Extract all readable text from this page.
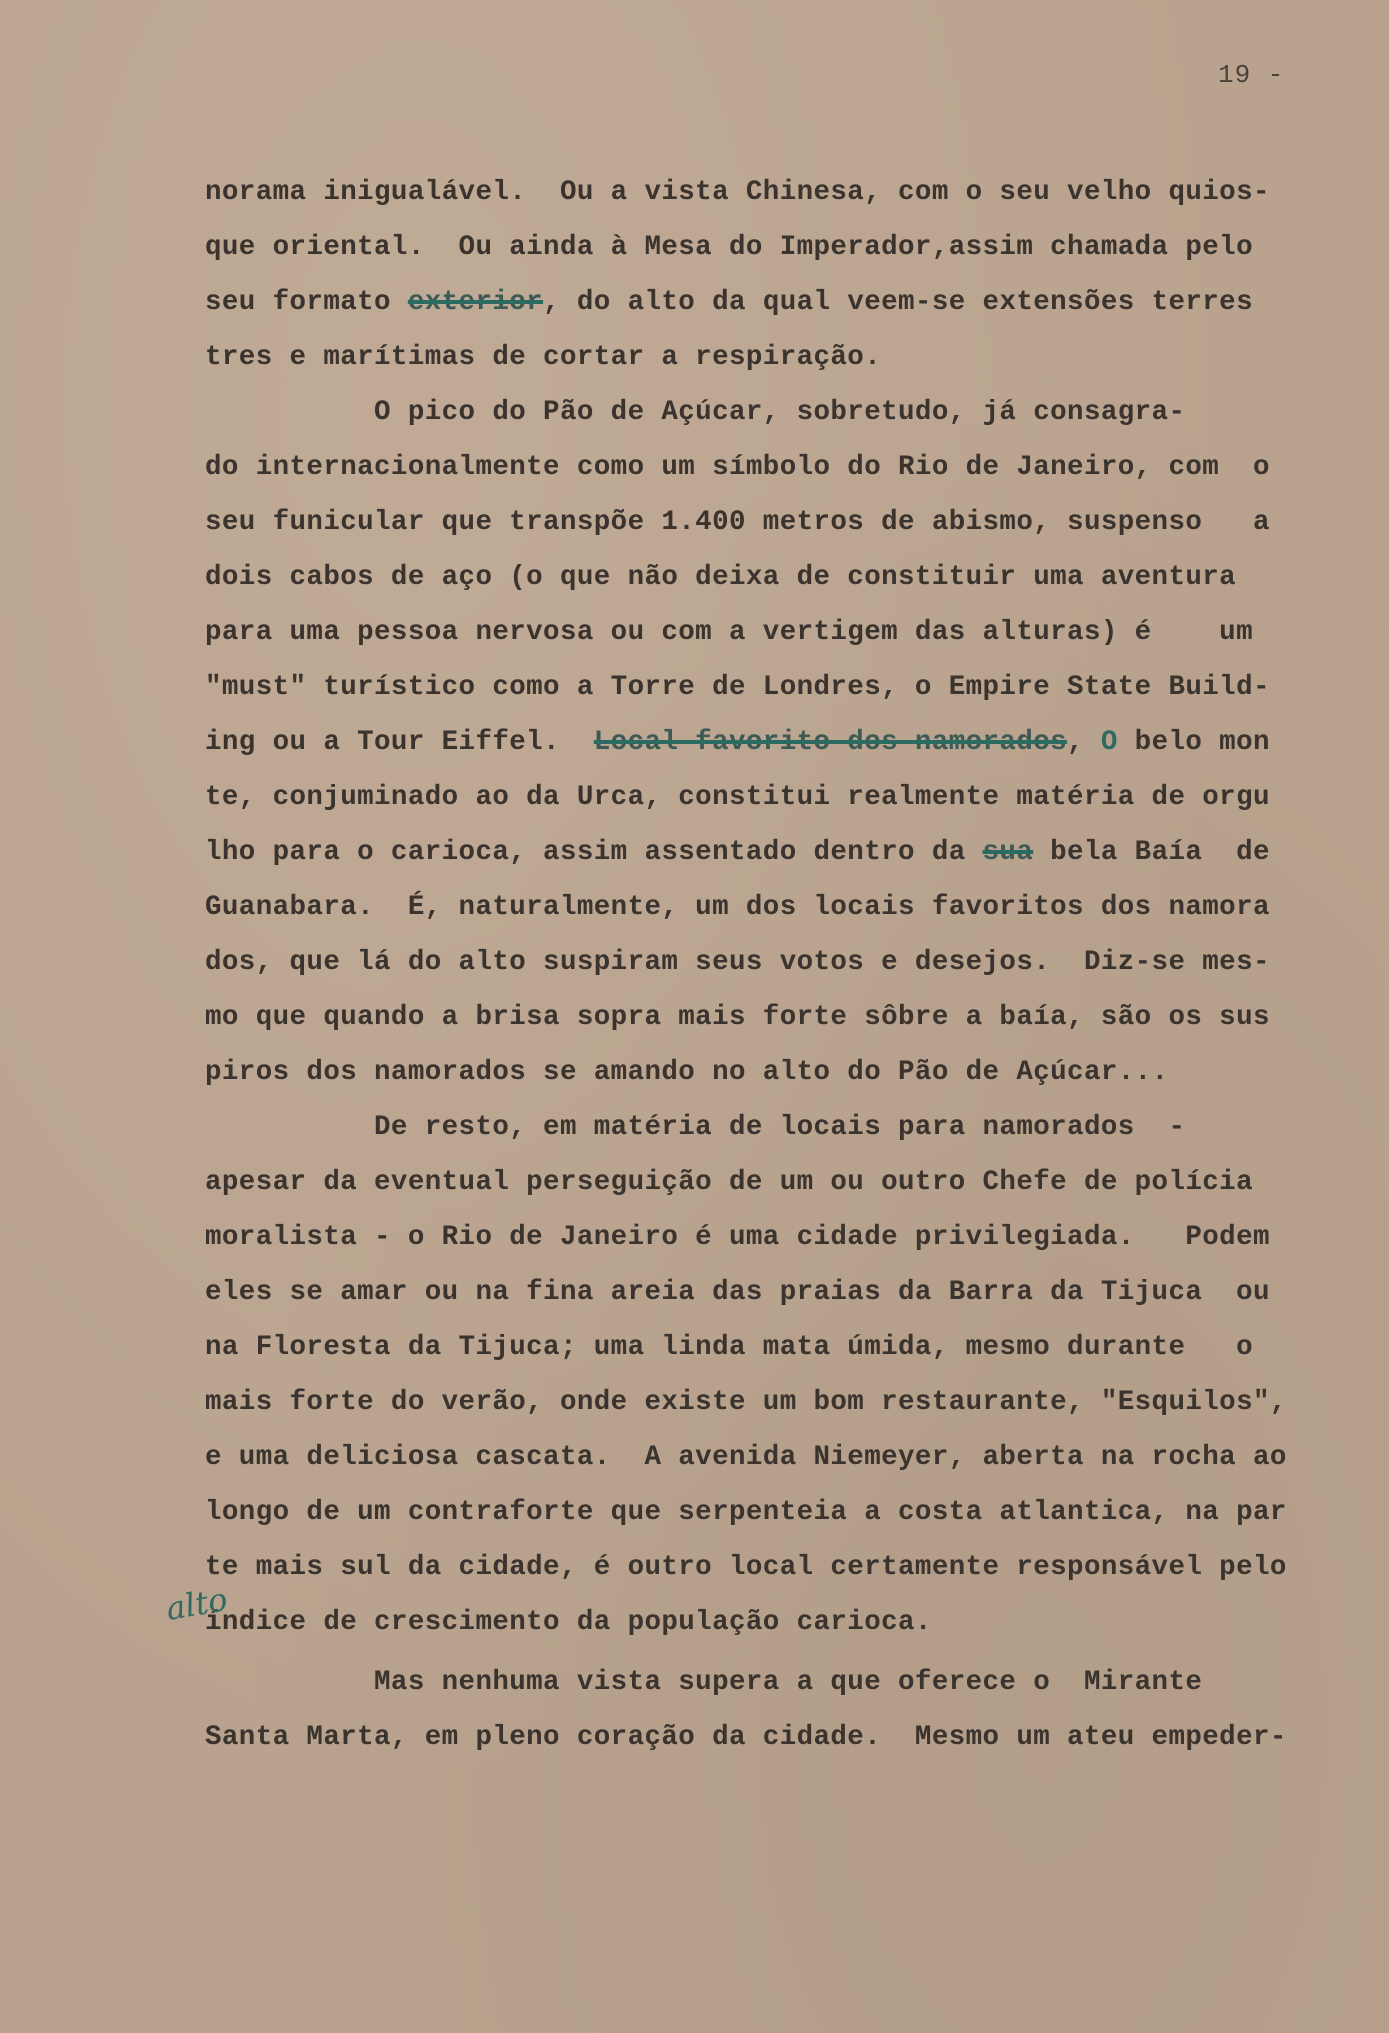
19 -
norama inigualável.  Ou a vista Chinesa, com o seu velho quios-
que oriental.  Ou ainda à Mesa do Imperador,assim chamada pelo
seu formato exterior, do alto da qual veem-se extensões terres
tres e marítimas de cortar a respiração.
O pico do Pão de Açúcar, sobretudo, já consagra-
do internacionalmente como um símbolo do Rio de Janeiro, com  o
seu funicular que transpõe 1.400 metros de abismo, suspenso   a
dois cabos de aço (o que não deixa de constituir uma aventura
para uma pessoa nervosa ou com a vertigem das alturas) é    um
"must" turístico como a Torre de Londres, o Empire State Build-
ing ou a Tour Eiffel.  Local favorito dos namorados, O belo mon
te, conjuminado ao da Urca, constitui realmente matéria de orgu
lho para o carioca, assim assentado dentro da sua bela Baía  de
Guanabara.  É, naturalmente, um dos locais favoritos dos namora
dos, que lá do alto suspiram seus votos e desejos.  Diz-se mes-
mo que quando a brisa sopra mais forte sôbre a baía, são os sus
piros dos namorados se amando no alto do Pão de Açúcar...
De resto, em matéria de locais para namorados  -
apesar da eventual perseguição de um ou outro Chefe de polícia
moralista - o Rio de Janeiro é uma cidade privilegiada.   Podem
eles se amar ou na fina areia das praias da Barra da Tijuca  ou
na Floresta da Tijuca; uma linda mata úmida, mesmo durante   o
mais forte do verão, onde existe um bom restaurante, "Esquilos",
e uma deliciosa cascata.  A avenida Niemeyer, aberta na rocha ao
longo de um contraforte que serpenteia a costa atlantica, na par
te mais sul da cidade, é outro local certamente responsável pelo
índice de crescimento da população carioca.
alto
Mas nenhuma vista supera a que oferece o  Mirante
Santa Marta, em pleno coração da cidade.  Mesmo um ateu empeder-
